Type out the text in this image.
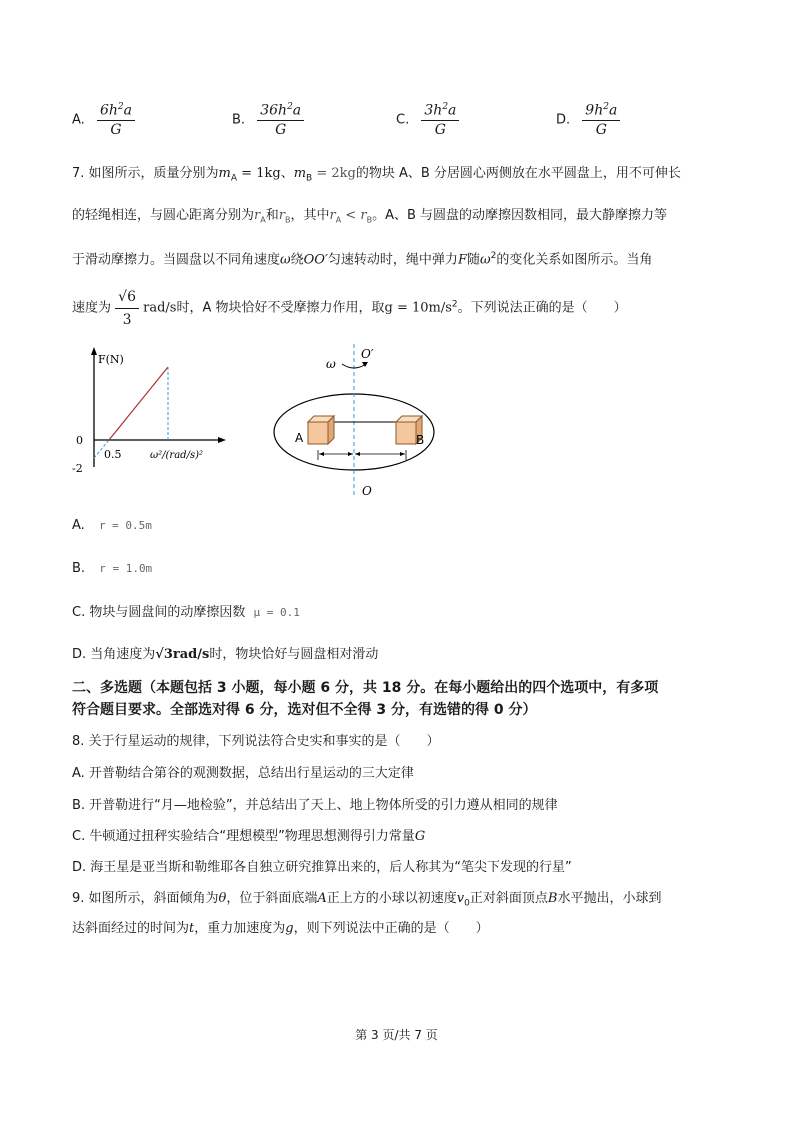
A. $\frac{6h^2a}{G}$	B. $\frac{36h^2a}{G}$	C. $\frac{3h^2a}{G}$	D. $\frac{9h^2a}{G}$
7. 如图所示，质量分别为$m_A = 1kg$、$m_B = 2kg$的物块 A、B 分居圆心两侧放在水平圆盘上，用不可伸长
的轻绳相连，与圆心距离分别为$r_A$和$r_B$，其中$r_A < r_B$。A、B 与圆盘的动摩擦因数相同，最大静摩擦力等
于滑动摩擦力。当圆盘以不同角速度ω绕OO′匀速转动时，绳中弹力F随$\omega^2$的变化关系如图所示。当角
速度为 $\frac{√6}{3} rad/s$时，A 物块恰好不受摩擦力作用，取$g = 10m/s^2$。下列说法正确的是（　　）
F(N)
0
-2
0.5	ω²/(rad/s)²
ω
O′
O
A	B
A. r = 0.5m
B. r = 1.0m
C. 物块与圆盘间的动摩擦因数 μ = 0.1
D. 当角速度为√3rad/s时，物块恰好与圆盘相对滑动
二、多选题（本题包括 3 小题，每小题 6 分，共 18 分。在每小题给出的四个选项中，有多项
符合题目要求。全部选对得 6 分，选对但不全得 3 分，有选错的得 0 分）
8. 关于行星运动的规律，下列说法符合史实和事实的是（　　）
A. 开普勒结合第谷的观测数据，总结出行星运动的三大定律
B. 开普勒进行“月—地检验”，并总结出了天上、地上物体所受的引力遵从相同的规律
C. 牛顿通过扭秤实验结合“理想模型”物理思想测得引力常量G
D. 海王星是亚当斯和勒维耶各自独立研究推算出来的，后人称其为“笔尖下发现的行星”
9. 如图所示，斜面倾角为θ，位于斜面底端A正上方的小球以初速度$v_0$正对斜面顶点B水平抛出，小球到
达斜面经过的时间为t，重力加速度为g，则下列说法中正确的是（　　）
第 3 页/共 7 页
